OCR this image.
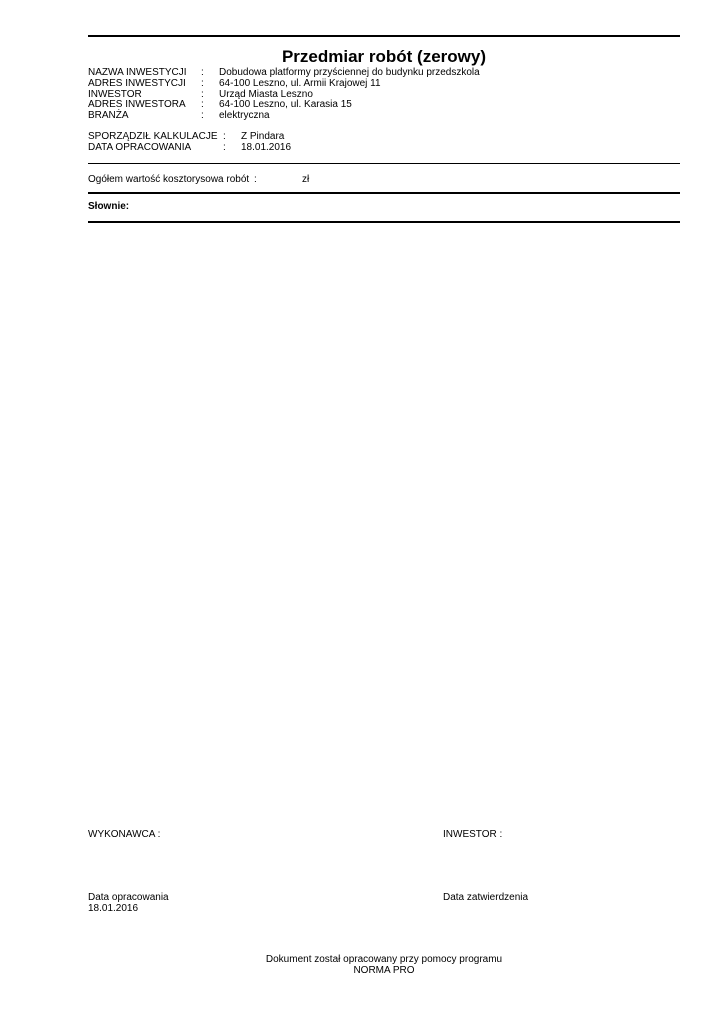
Przedmiar robót (zerowy)
NAZWA INWESTYCJI : Dobudowa platformy przyściennej do budynku przedszkola
ADRES INWESTYCJI : 64-100 Leszno, ul. Armii Krajowej 11
INWESTOR	: Urząd Miasta Leszno
ADRES INWESTORA : 64-100 Leszno, ul. Karasia 15
BRANŻA	: elektryczna
SPORZĄDZIŁ KALKULACJE : Z Pindara
DATA OPRACOWANIA	: 18.01.2016
Ogółem wartość kosztorysowa robót :	zł
Słownie:
WYKONAWCA :	INWESTOR :
Data opracowania
18.01.2016
Data zatwierdzenia
Dokument został opracowany przy pomocy programu
NORMA PRO
